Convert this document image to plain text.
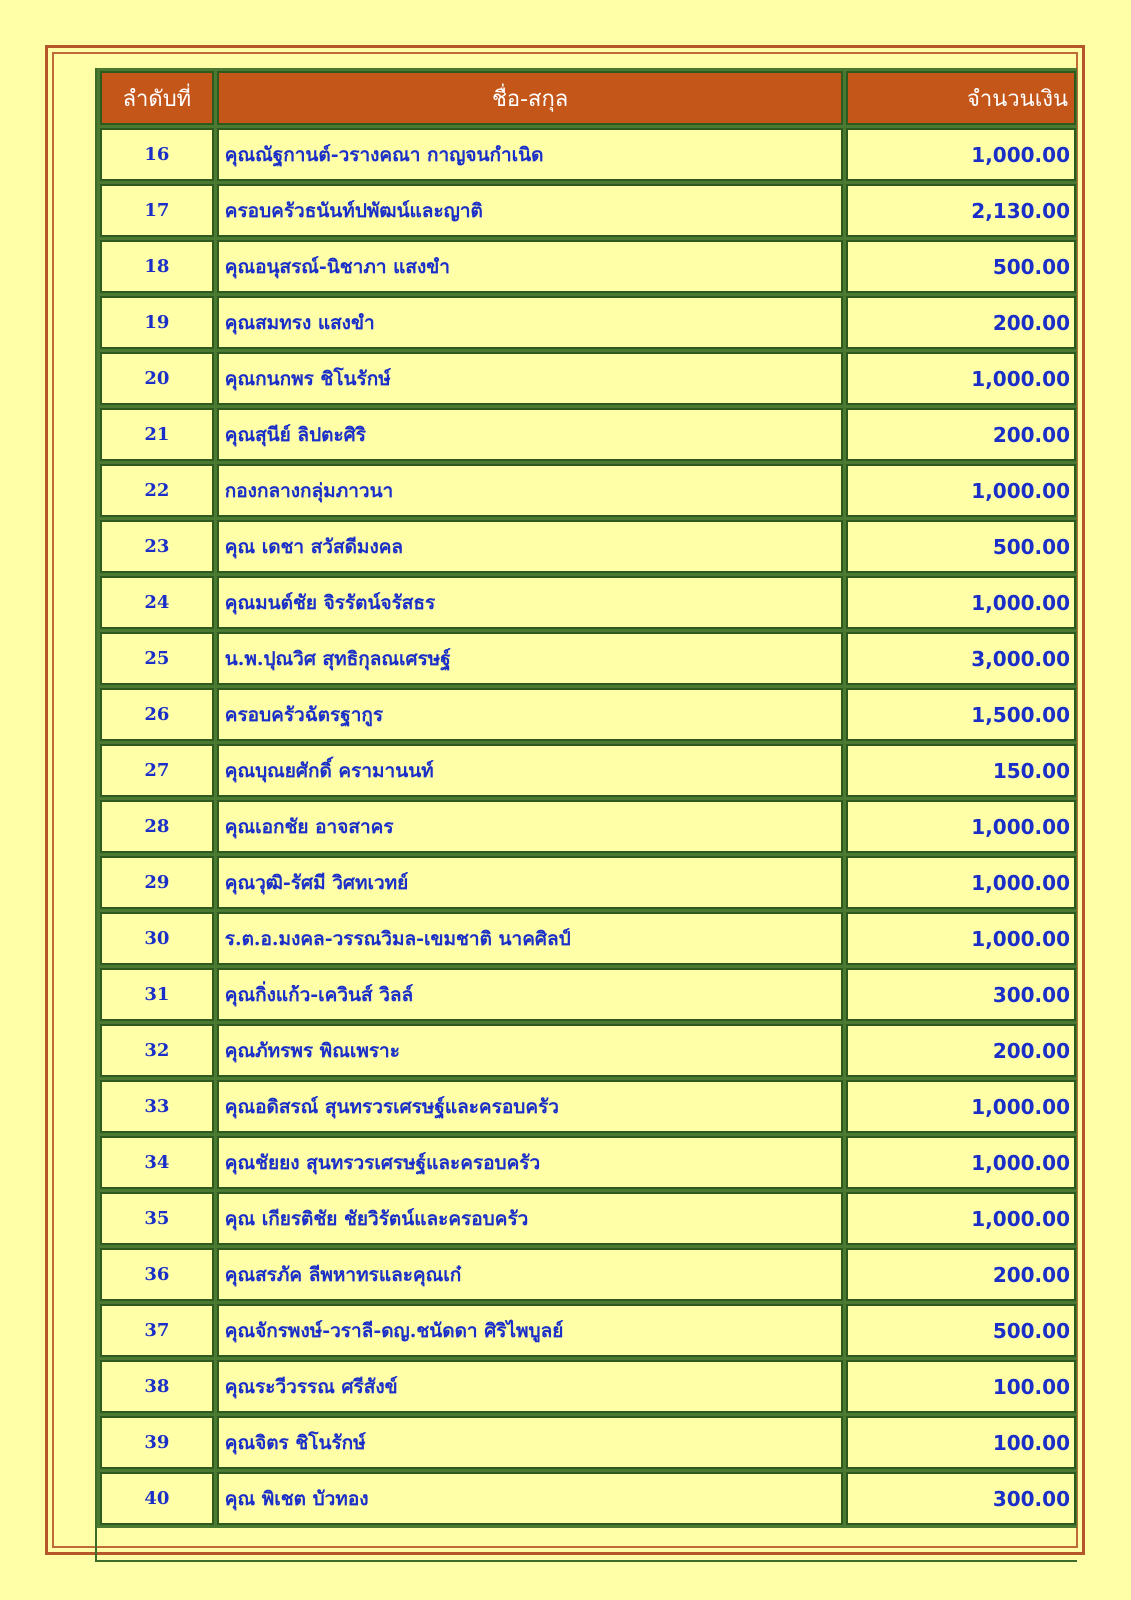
ลำดับที่	ชื่อ-สกุล	จำนวนเงิน
16	คุณณัฐกานต์-วรางคณา กาญจนกำเนิด	1,000.00
17	ครอบครัวธนันท์ปพัฒน์และญาติ	2,130.00
18	คุณอนุสรณ์-นิชาภา แสงขำ	500.00
19	คุณสมทรง แสงขำ	200.00
20	คุณกนกพร ชิโนรักษ์	1,000.00
21	คุณสุนีย์ ลิปตะศิริ	200.00
22	กองกลางกลุ่มภาวนา	1,000.00
23	คุณ เดชา สวัสดีมงคล	500.00
24	คุณมนต์ชัย จิรรัตน์จรัสธร	1,000.00
25	น.พ.ปุณวิศ สุทธิกุลณเศรษฐ์	3,000.00
26	ครอบครัวฉัตรฐากูร	1,500.00
27	คุณบุณยศักดิ์ ครามานนท์	150.00
28	คุณเอกชัย อาจสาคร	1,000.00
29	คุณวุฒิ-รัศมี วิศทเวทย์	1,000.00
30	ร.ต.อ.มงคล-วรรณวิมล-เขมชาติ นาคศิลป์	1,000.00
31	คุณกิ่งแก้ว-เควินส์ วิลล์	300.00
32	คุณภัทรพร พิณเพราะ	200.00
33	คุณอดิสรณ์ สุนทรวรเศรษฐ์และครอบครัว	1,000.00
34	คุณชัยยง สุนทรวรเศรษฐ์และครอบครัว	1,000.00
35	คุณ เกียรติชัย ชัยวิรัตน์และครอบครัว	1,000.00
36	คุณสรภัค ลีพหาทรและคุณเก๋	200.00
37	คุณจักรพงษ์-วราลี-ดญ.ชนัดดา ศิริไพบูลย์	500.00
38	คุณระวีวรรณ ศรีสังข์	100.00
39	คุณจิตร ชิโนรักษ์	100.00
40	คุณ พิเชต บัวทอง	300.00
